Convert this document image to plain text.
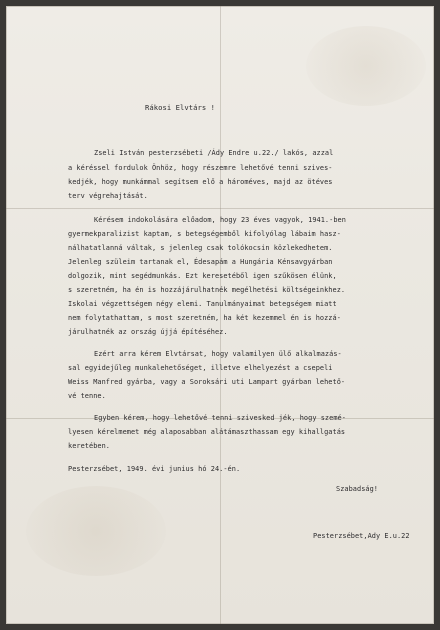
Rákosi Elvtárs !
Zseli István pesterzsébeti /Ády Endre u.22./ lakós, azzal
a kéréssel fordulok Önhöz, hogy részemre lehetővé tenni szives-
kedjék, hogy munkámmal segítsem elő a hároméves, majd az ötéves
terv végrehajtását.
Kérésem indokolására előadom, hogy 23 éves vagyok, 1941.-ben
gyermekparalizist kaptam, s betegségemből kifolyólag lábaim hasz-
nálhatatlanná váltak, s jelenleg csak tolókocsin közlekedhetem.
Jelenleg szüleim tartanak el, Édesapám a Hungária Kénsavgyárban
dolgozik, mint segédmunkás. Ezt keresetéből igen szűkösen élünk,
s szeretném, ha én is hozzájárulhatnék megélhetési költségeinkhez.
Iskolai végzettségem négy elemi. Tanulmányaimat betegségem miatt
nem folytathattam, s most szeretném, ha két kezemmel én is hozzá-
járulhatnék az ország újjá építéséhez.
Ezért arra kérem Elvtársat, hogy valamilyen ülő alkalmazás-
sal egyidejűleg munkalehetőséget, illetve elhelyezést a csepeli
Weiss Manfred gyárba, vagy a Soroksári uti Lampart gyárban lehető-
vé tenne.
Egyben kérem, hogy lehetővé tenni szivesked jék, hogy szemé-
lyesen kérelmemet még alaposabban alátámaszthassam egy kihallgatás
keretében.
Pesterzsébet, 1949. évi junius hó 24.-én.
Szabadság!
Pesterzsébet,Ady E.u.22
